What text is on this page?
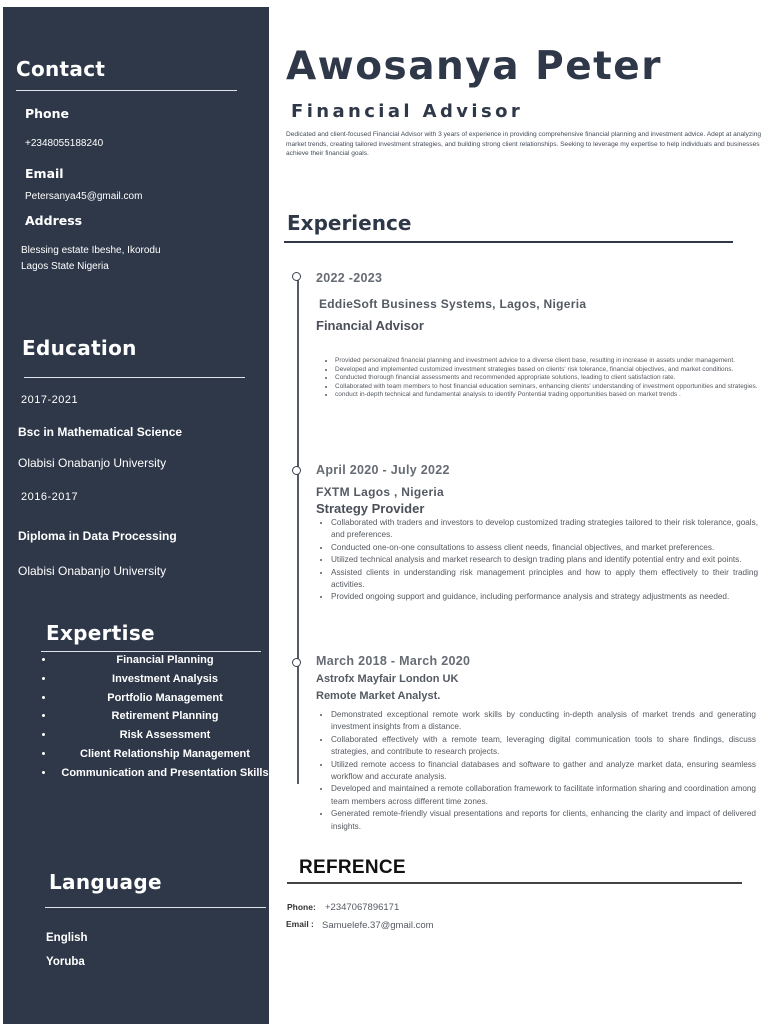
Contact
Phone
+2348055188240
Email
Petersanya45@gmail.com
Address
Blessing estate Ibeshe, Ikorodu
Lagos State Nigeria
Education
2017-2021
Bsc in Mathematical Science
Olabisi Onabanjo University
2016-2017
Diploma in Data Processing
Olabisi Onabanjo University
Expertise
• Financial Planning
• Investment Analysis
• Portfolio Management
• Retirement Planning
• Risk Assessment
• Client Relationship Management
• Communication and Presentation Skills
Language
English
Yoruba
Awosanya Peter
Financial Advisor
Dedicated and client-focused Financial Advisor with 3 years of experience in providing comprehensive financial planning and investment advice. Adept at analyzing market trends, creating tailored investment strategies, and building strong client relationships. Seeking to leverage my expertise to help individuals and businesses achieve their financial goals.
Experience
2022 -2023
EddieSoft Business Systems, Lagos, Nigeria
Financial Advisor
• Provided personalized financial planning and investment advice to a diverse client base, resulting in increase in assets under management.
• Developed and implemented customized investment strategies based on clients' risk tolerance, financial objectives, and market conditions.
• Conducted thorough financial assessments and recommended appropriate solutions, leading to client satisfaction rate.
• Collaborated with team members to host financial education seminars, enhancing clients' understanding of investment opportunities and strategies.
• conduct in-depth technical and fundamental analysis to identify Pontential trading opportunities based on market trends .
April 2020 - July 2022
FXTM Lagos , Nigeria
Strategy Provider
• Collaborated with traders and investors to develop customized trading strategies tailored to their risk tolerance, goals, and preferences.
• Conducted one-on-one consultations to assess client needs, financial objectives, and market preferences.
• Utilized technical analysis and market research to design trading plans and identify potential entry and exit points.
• Assisted clients in understanding risk management principles and how to apply them effectively to their trading activities.
• Provided ongoing support and guidance, including performance analysis and strategy adjustments as needed.
March 2018 - March 2020
Astrofx Mayfair London UK
Remote Market Analyst.
• Demonstrated exceptional remote work skills by conducting in-depth analysis of market trends and generating investment insights from a distance.
• Collaborated effectively with a remote team, leveraging digital communication tools to share findings, discuss strategies, and contribute to research projects.
• Utilized remote access to financial databases and software to gather and analyze market data, ensuring seamless workflow and accurate analysis.
• Developed and maintained a remote collaboration framework to facilitate information sharing and coordination among team members across different time zones.
• Generated remote-friendly visual presentations and reports for clients, enhancing the clarity and impact of delivered insights.
REFRENCE
Phone: +2347067896171
Email : Samuelefe.37@gmail.com
